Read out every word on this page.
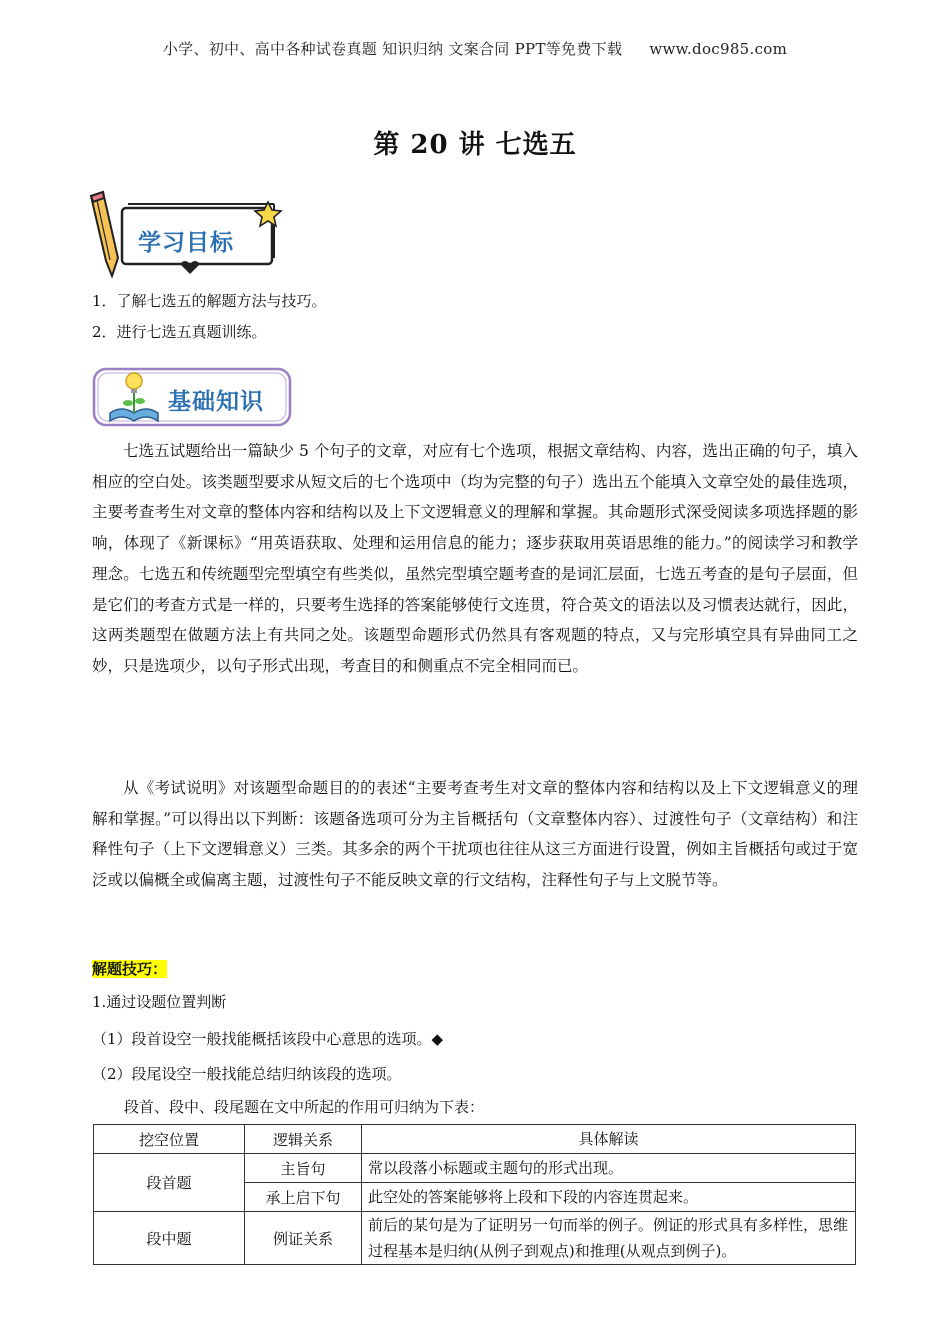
小学、初中、高中各种试卷真题 知识归纳 文案合同 PPT等免费下载 www.doc985.com
第 20 讲 七选五
学习目标
1．了解七选五的解题方法与技巧。
2．进行七选五真题训练。
基础知识
七选五试题给出一篇缺少 5 个句子的文章，对应有七个选项，根据文章结构、内容，选出正确的句子，填入相应的空白处。该类题型要求从短文后的七个选项中（均为完整的句子）选出五个能填入文章空处的最佳选项，主要考查考生对文章的整体内容和结构以及上下文逻辑意义的理解和掌握。其命题形式深受阅读多项选择题的影响，体现了《新课标》“用英语获取、处理和运用信息的能力；逐步获取用英语思维的能力。”的阅读学习和教学理念。七选五和传统题型完型填空有些类似，虽然完型填空题考查的是词汇层面，七选五考查的是句子层面，但是它们的考查方式是一样的，只要考生选择的答案能够使行文连贯，符合英文的语法以及习惯表达就行，因此，这两类题型在做题方法上有共同之处。该题型命题形式仍然具有客观题的特点，又与完形填空具有异曲同工之妙，只是选项少，以句子形式出现，考查目的和侧重点不完全相同而已。
从《考试说明》对该题型命题目的的表述“主要考查考生对文章的整体内容和结构以及上下文逻辑意义的理解和掌握。”可以得出以下判断：该题备选项可分为主旨概括句（文章整体内容）、过渡性句子（文章结构）和注释性句子（上下文逻辑意义）三类。其多余的两个干扰项也往往从这三方面进行设置，例如主旨概括句或过于宽泛或以偏概全或偏离主题，过渡性句子不能反映文章的行文结构，注释性句子与上文脱节等。
解题技巧：
1.通过设题位置判断
（1）段首设空一般找能概括该段中心意思的选项。◆
（2）段尾设空一般找能总结归纳该段的选项。
段首、段中、段尾题在文中所起的作用可归纳为下表：
挖空位置	逻辑关系	具体解读
段首题	主旨句	常以段落小标题或主题句的形式出现。
	承上启下句	此空处的答案能够将上段和下段的内容连贯起来。
段中题	例证关系	前后的某句是为了证明另一句而举的例子。例证的形式具有多样性，思维过程基本是归纳(从例子到观点)和推理(从观点到例子)。
